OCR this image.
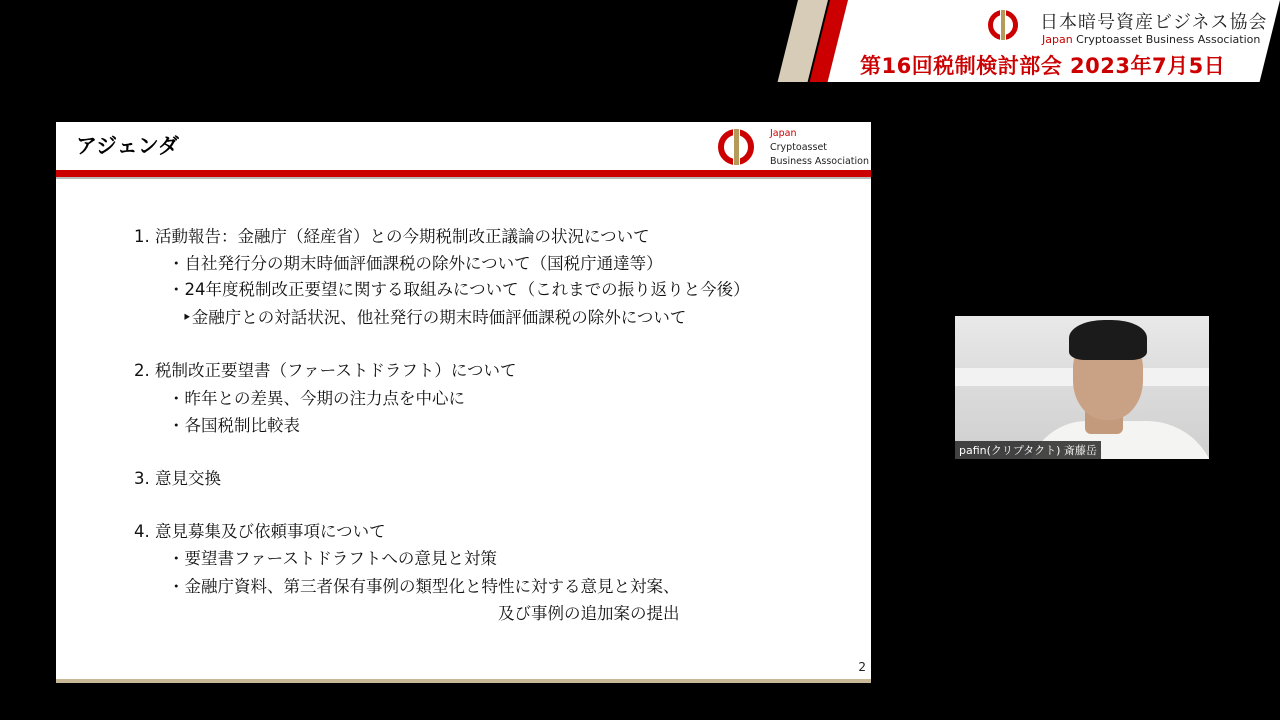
日本暗号資産ビジネス協会
Japan Cryptoasset Business Association
第16回税制検討部会 2023年7月5日
アジェンダ
Japan
Cryptoasset
Business Association
1. 活動報告：金融庁（経産省）との今期税制改正議論の状況について
・自社発行分の期末時価評価課税の除外について（国税庁通達等）
・24年度税制改正要望に関する取組みについて（これまでの振り返りと今後）
‣金融庁との対話状況、他社発行の期末時価評価課税の除外について
2. 税制改正要望書（ファーストドラフト）について
・昨年との差異、今期の注力点を中心に
・各国税制比較表
3. 意見交換
4. 意見募集及び依頼事項について
・要望書ファーストドラフトへの意見と対策
・金融庁資料、第三者保有事例の類型化と特性に対する意見と対案、
及び事例の追加案の提出
2
pafin(クリプタクト) 斎藤岳
